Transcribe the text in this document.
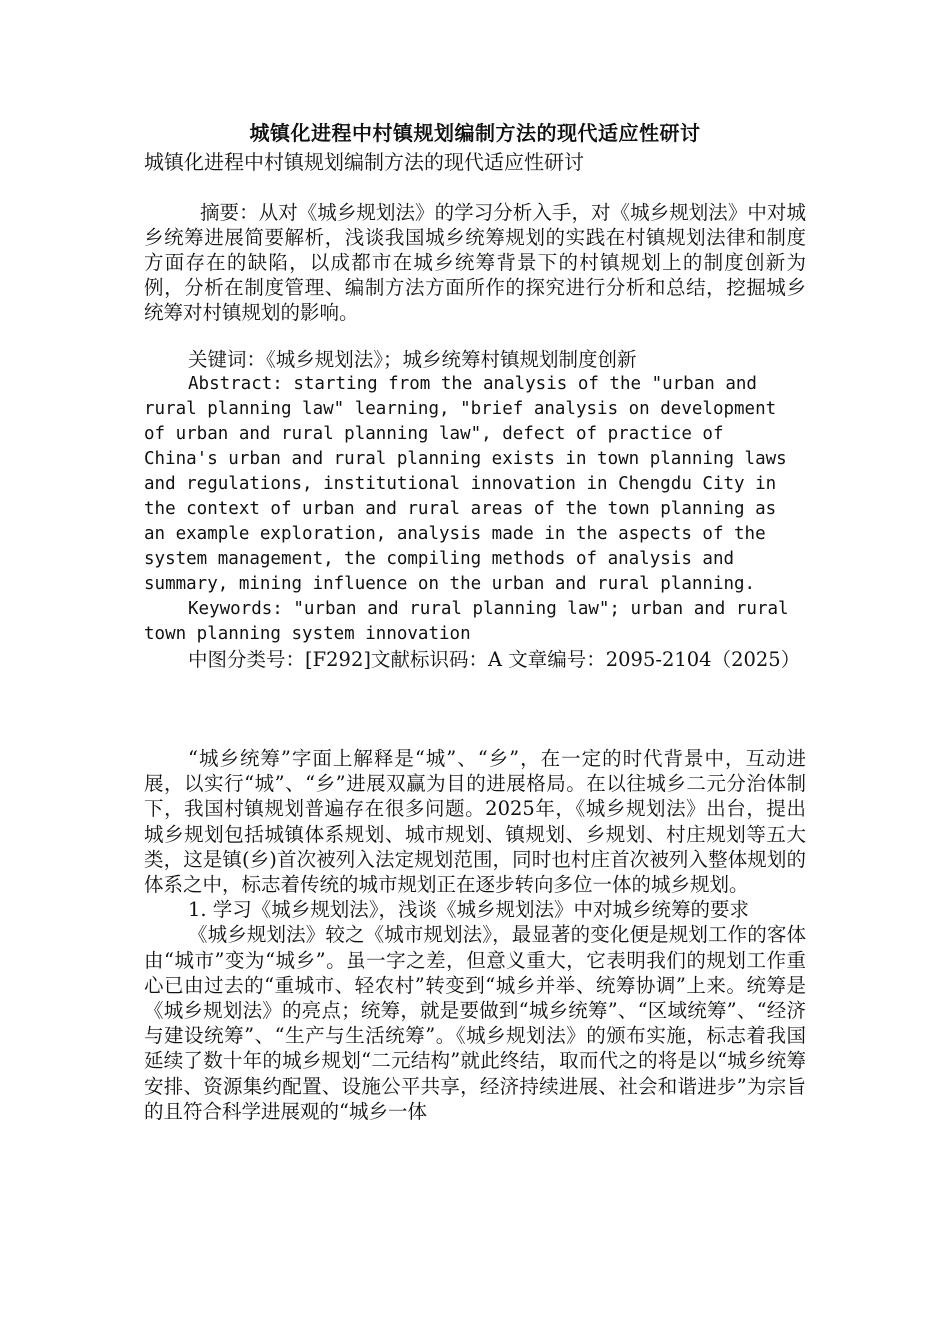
城镇化进程中村镇规划编制方法的现代适应性研讨

城镇化进程中村镇规划编制方法的现代适应性研讨

摘要：从对《城乡规划法》的学习分析入手，对《城乡规划法》中对城乡统筹进展简要解析，浅谈我国城乡统筹规划的实践在村镇规划法律和制度方面存在的缺陷，以成都市在城乡统筹背景下的村镇规划上的制度创新为例，分析在制度管理、编制方法方面所作的探究进行分析和总结，挖掘城乡统筹对村镇规划的影响。

关键词：《城乡规划法》；城乡统筹村镇规划制度创新

Abstract: starting from the analysis of the "urban and rural planning law" learning, "brief analysis on development of urban and rural planning law", defect of practice of China's urban and rural planning exists in town planning laws and regulations, institutional innovation in Chengdu City in the context of urban and rural areas of the town planning as an example exploration, analysis made in the aspects of the system management, the compiling methods of analysis and summary, mining influence on the urban and rural planning.

Keywords: "urban and rural planning law"; urban and rural town planning system innovation

中图分类号：[F292]文献标识码：A 文章编号：2095-2104（2025）

“城乡统筹”字面上解释是“城”、“乡”，在一定的时代背景中，互动进展，以实行“城”、“乡”进展双赢为目的进展格局。在以往城乡二元分治体制下，我国村镇规划普遍存在很多问题。2025年，《城乡规划法》出台，提出城乡规划包括城镇体系规划、城市规划、镇规划、乡规划、村庄规划等五大类，这是镇(乡)首次被列入法定规划范围，同时也村庄首次被列入整体规划的体系之中，标志着传统的城市规划正在逐步转向多位一体的城乡规划。

1. 学习《城乡规划法》，浅谈《城乡规划法》中对城乡统筹的要求

《城乡规划法》较之《城市规划法》，最显著的变化便是规划工作的客体由“城市”变为“城乡”。虽一字之差，但意义重大，它表明我们的规划工作重心已由过去的“重城市、轻农村”转变到“城乡并举、统筹协调”上来。统筹是《城乡规划法》的亮点；统筹，就是要做到“城乡统筹”、“区域统筹”、“经济与建设统筹”、“生产与生活统筹”。《城乡规划法》的颁布实施，标志着我国延续了数十年的城乡规划“二元结构”就此终结，取而代之的将是以“城乡统筹安排、资源集约配置、设施公平共享，经济持续进展、社会和谐进步”为宗旨的且符合科学进展观的“城乡一体
